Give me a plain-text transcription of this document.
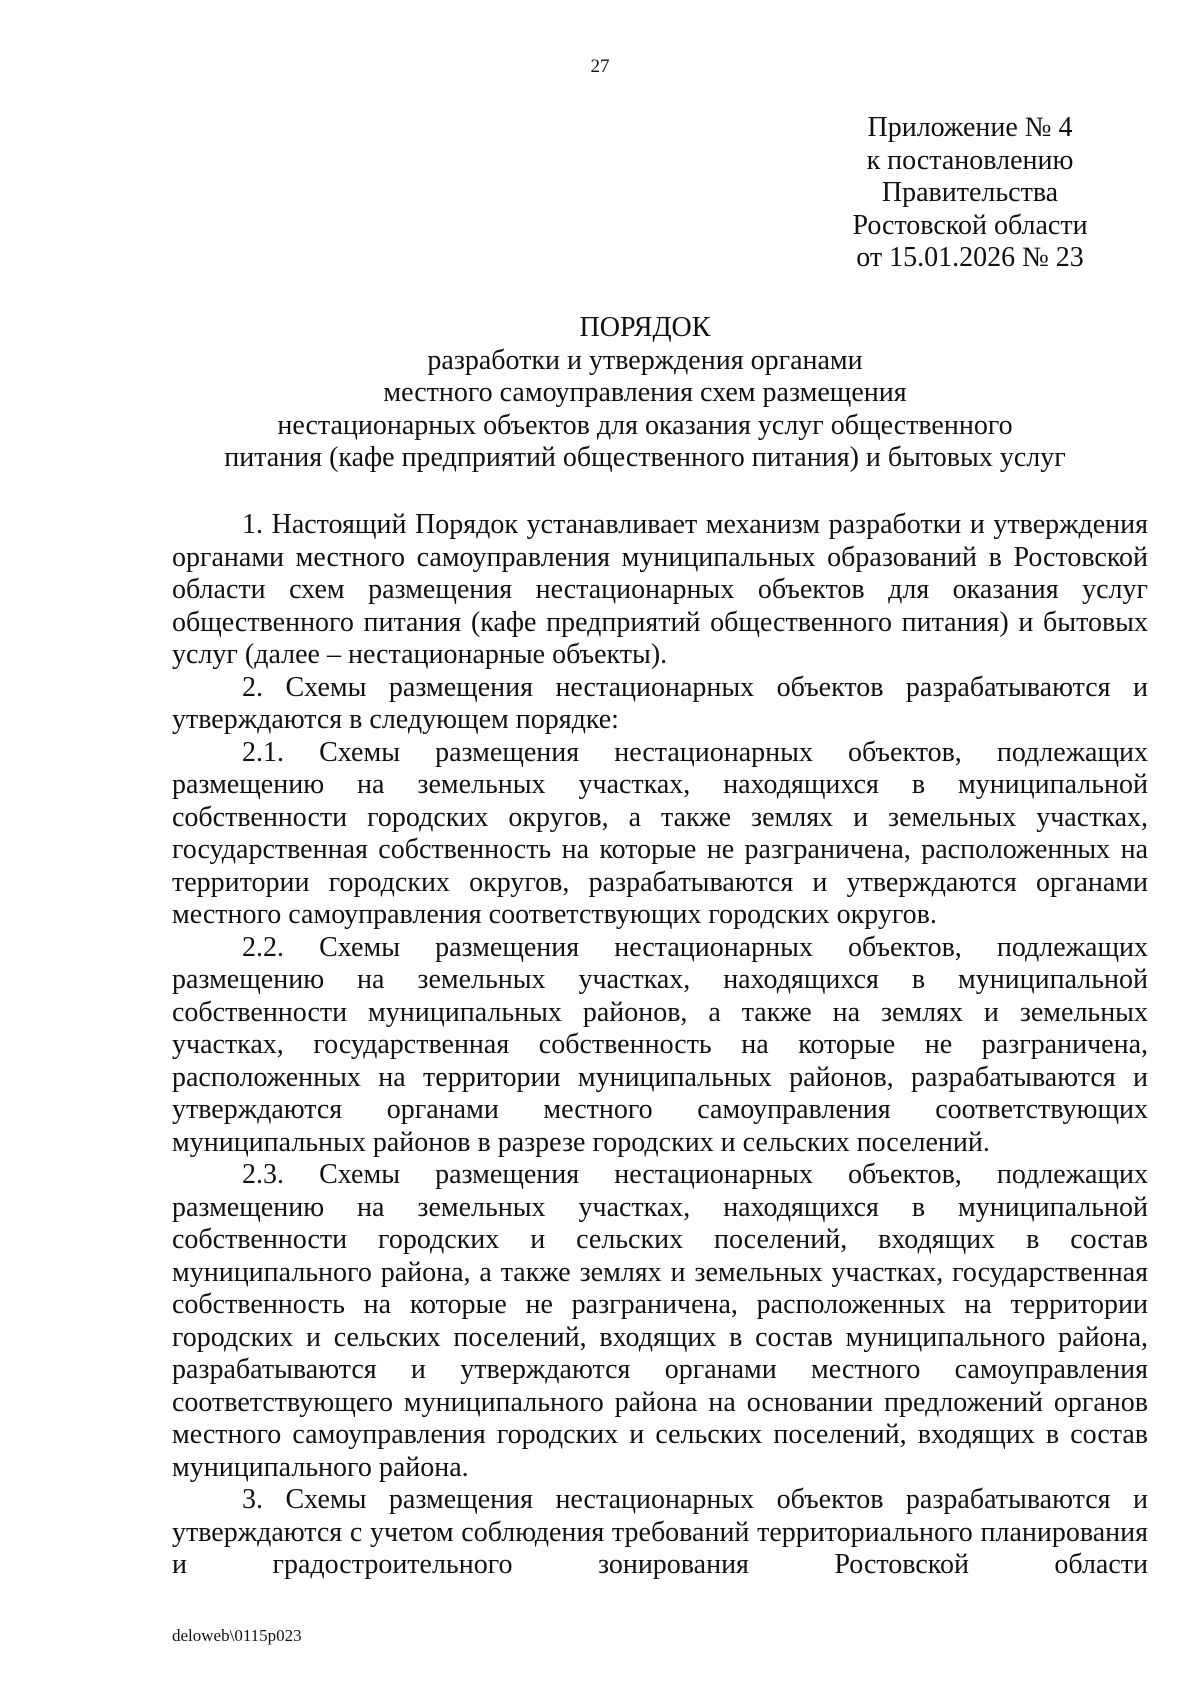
27
Приложение № 4
к постановлению
Правительства
Ростовской области
от 15.01.2026 № 23
ПОРЯДОК
разработки и утверждения органами
местного самоуправления схем размещения
нестационарных объектов для оказания услуг общественного
питания (кафе предприятий общественного питания) и бытовых услуг

1. Настоящий Порядок устанавливает механизм разработки и утверждения органами местного самоуправления муниципальных образований в Ростовской области схем размещения нестационарных объектов для оказания услуг общественного питания (кафе предприятий общественного питания) и бытовых услуг (далее – нестационарные объекты).

2. Схемы размещения нестационарных объектов разрабатываются и утверждаются в следующем порядке:

2.1. Схемы размещения нестационарных объектов, подлежащих размещению на земельных участках, находящихся в муниципальной собственности городских округов, а также землях и земельных участках, государственная собственность на которые не разграничена, расположенных на территории городских округов, разрабатываются и утверждаются органами местного самоуправления соответствующих городских округов.

2.2. Схемы размещения нестационарных объектов, подлежащих размещению на земельных участках, находящихся в муниципальной собственности муниципальных районов, а также на землях и земельных участках, государственная собственность на которые не разграничена, расположенных на территории муниципальных районов, разрабатываются и утверждаются органами местного самоуправления соответствующих муниципальных районов в разрезе городских и сельских поселений.

2.3. Схемы размещения нестационарных объектов, подлежащих размещению на земельных участках, находящихся в муниципальной собственности городских и сельских поселений, входящих в состав муниципального района, а также землях и земельных участках, государственная собственность на которые не разграничена, расположенных на территории городских и сельских поселений, входящих в состав муниципального района, разрабатываются и утверждаются органами местного самоуправления соответствующего муниципального района на основании предложений органов местного самоуправления городских и сельских поселений, входящих в состав муниципального района.

3. Схемы размещения нестационарных объектов разрабатываются и утверждаются с учетом соблюдения требований территориального планирования и градостроительного зонирования Ростовской области

deloweb\0115p023
